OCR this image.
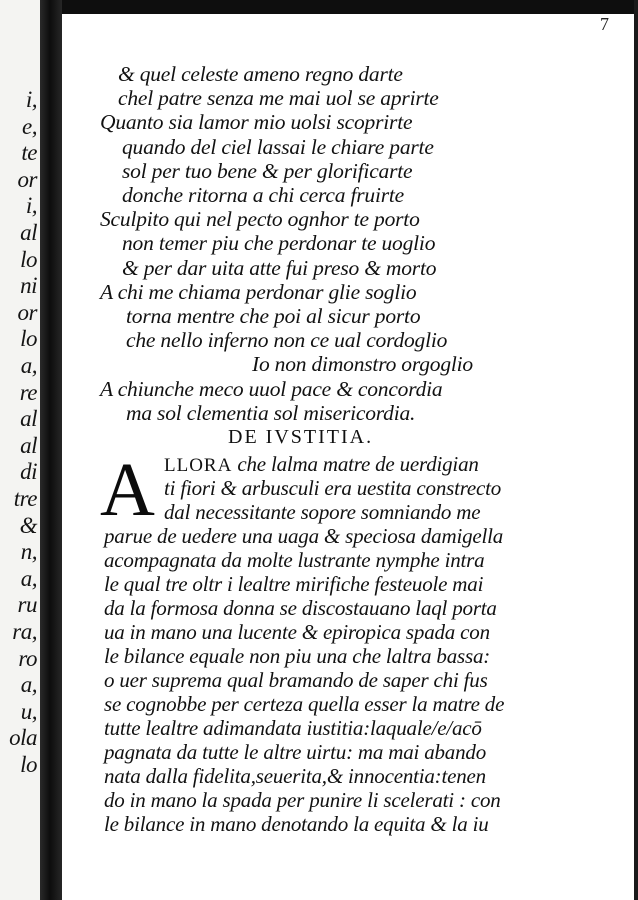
i,
e,
te
or
i,
al
lo
ni
or
lo
a,
re
al
al
di
tre
&
n,
a,
ru
ra,
ro
a,
u,
ola
lo
7
& quel celeste ameno regno darte
chel patre senza me mai uol se aprirte
Quanto sia lamor mio uolsi scoprirte
quando del ciel lassai le chiare parte
sol per tuo bene & per glorificarte
donche ritorna a chi cerca fruirte
Sculpito qui nel pecto ognhor te porto
non temer piu che perdonar te uoglio
& per dar uita atte fui preso & morto
A chi me chiama perdonar glie soglio
torna mentre che poi al sicur porto
che nello inferno non ce ual cordoglio
Io non dimonstro orgoglio
A chiunche meco uuol pace & concordia
ma sol clementia sol misericordia.
DE IVSTITIA.
A LLORA che lalma matre de uerdigian
ti fiori & arbusculi era uestita constrecto
dal necessitante sopore somniando me
parue de uedere una uaga & speciosa damigella
acompagnata da molte lustrante nymphe intra
le qual tre oltr i lealtre mirifiche festeuole mai
da la formosa donna se discostauano laql porta
ua in mano una lucente & epiropica spada con
le bilance equale non piu una che laltra bassa:
o uer suprema qual bramando de saper chi fus
se cognobbe per certeza quella esser la matre de
tutte lealtre adimandata iustitia:laquale/e/acō
pagnata da tutte le altre uirtu: ma mai abando
nata dalla fidelita,seuerita,& innocentia:tenen
do in mano la spada per punire li scelerati : con
le bilance in mano denotando la equita & la iu
